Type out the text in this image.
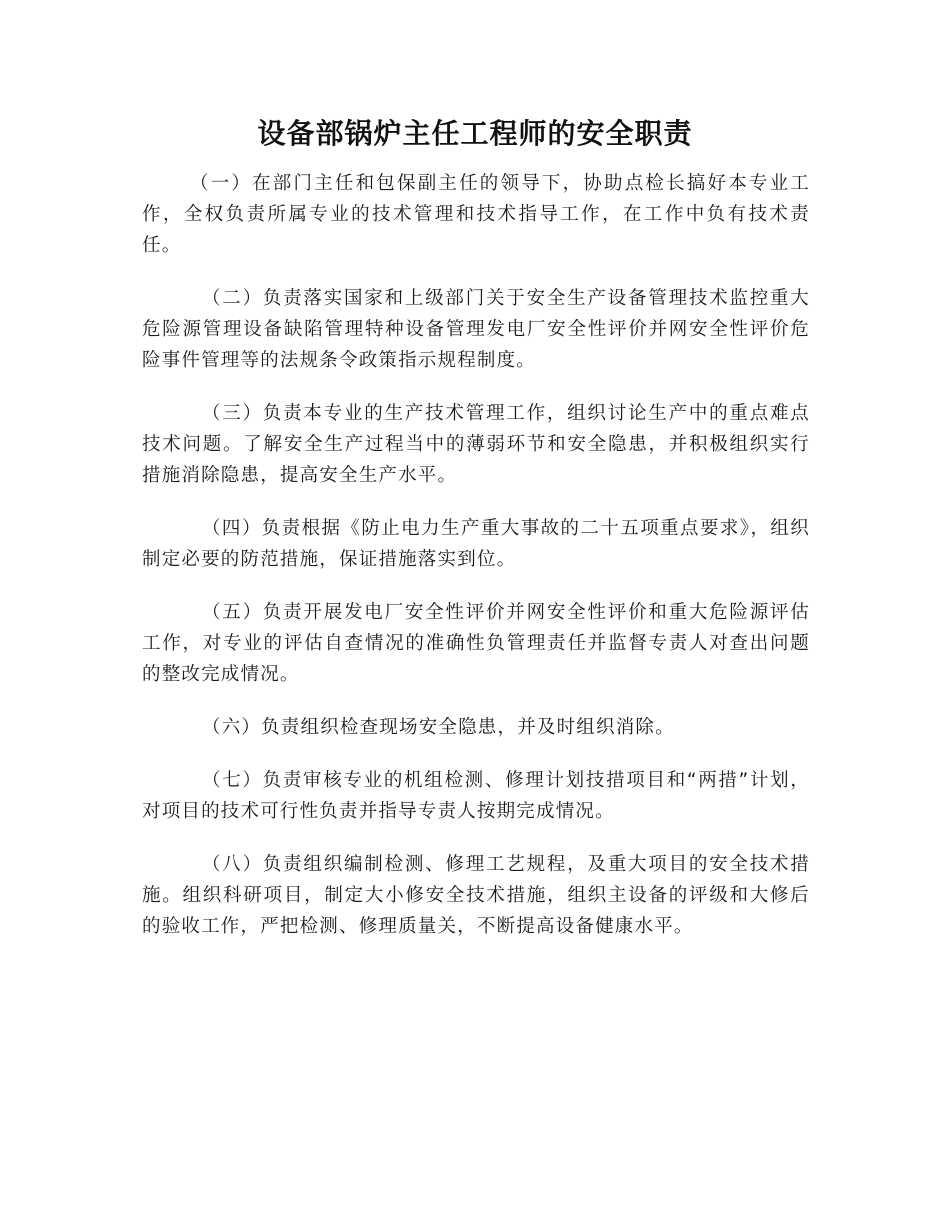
设备部锅炉主任工程师的安全职责

（一）在部门主任和包保副主任的领导下，协助点检长搞好本专业工作，全权负责所属专业的技术管理和技术指导工作，在工作中负有技术责任。

（二）负责落实国家和上级部门关于安全生产设备管理技术监控重大危险源管理设备缺陷管理特种设备管理发电厂安全性评价并网安全性评价危险事件管理等的法规条令政策指示规程制度。

（三）负责本专业的生产技术管理工作，组织讨论生产中的重点难点技术问题。了解安全生产过程当中的薄弱环节和安全隐患，并积极组织实行措施消除隐患，提高安全生产水平。

（四）负责根据《防止电力生产重大事故的二十五项重点要求》，组织制定必要的防范措施，保证措施落实到位。

（五）负责开展发电厂安全性评价并网安全性评价和重大危险源评估工作，对专业的评估自查情况的准确性负管理责任并监督专责人对查出问题的整改完成情况。

（六）负责组织检查现场安全隐患，并及时组织消除。

（七）负责审核专业的机组检测、修理计划技措项目和“两措”计划，对项目的技术可行性负责并指导专责人按期完成情况。

（八）负责组织编制检测、修理工艺规程，及重大项目的安全技术措施。组织科研项目，制定大小修安全技术措施，组织主设备的评级和大修后的验收工作，严把检测、修理质量关，不断提高设备健康水平。
